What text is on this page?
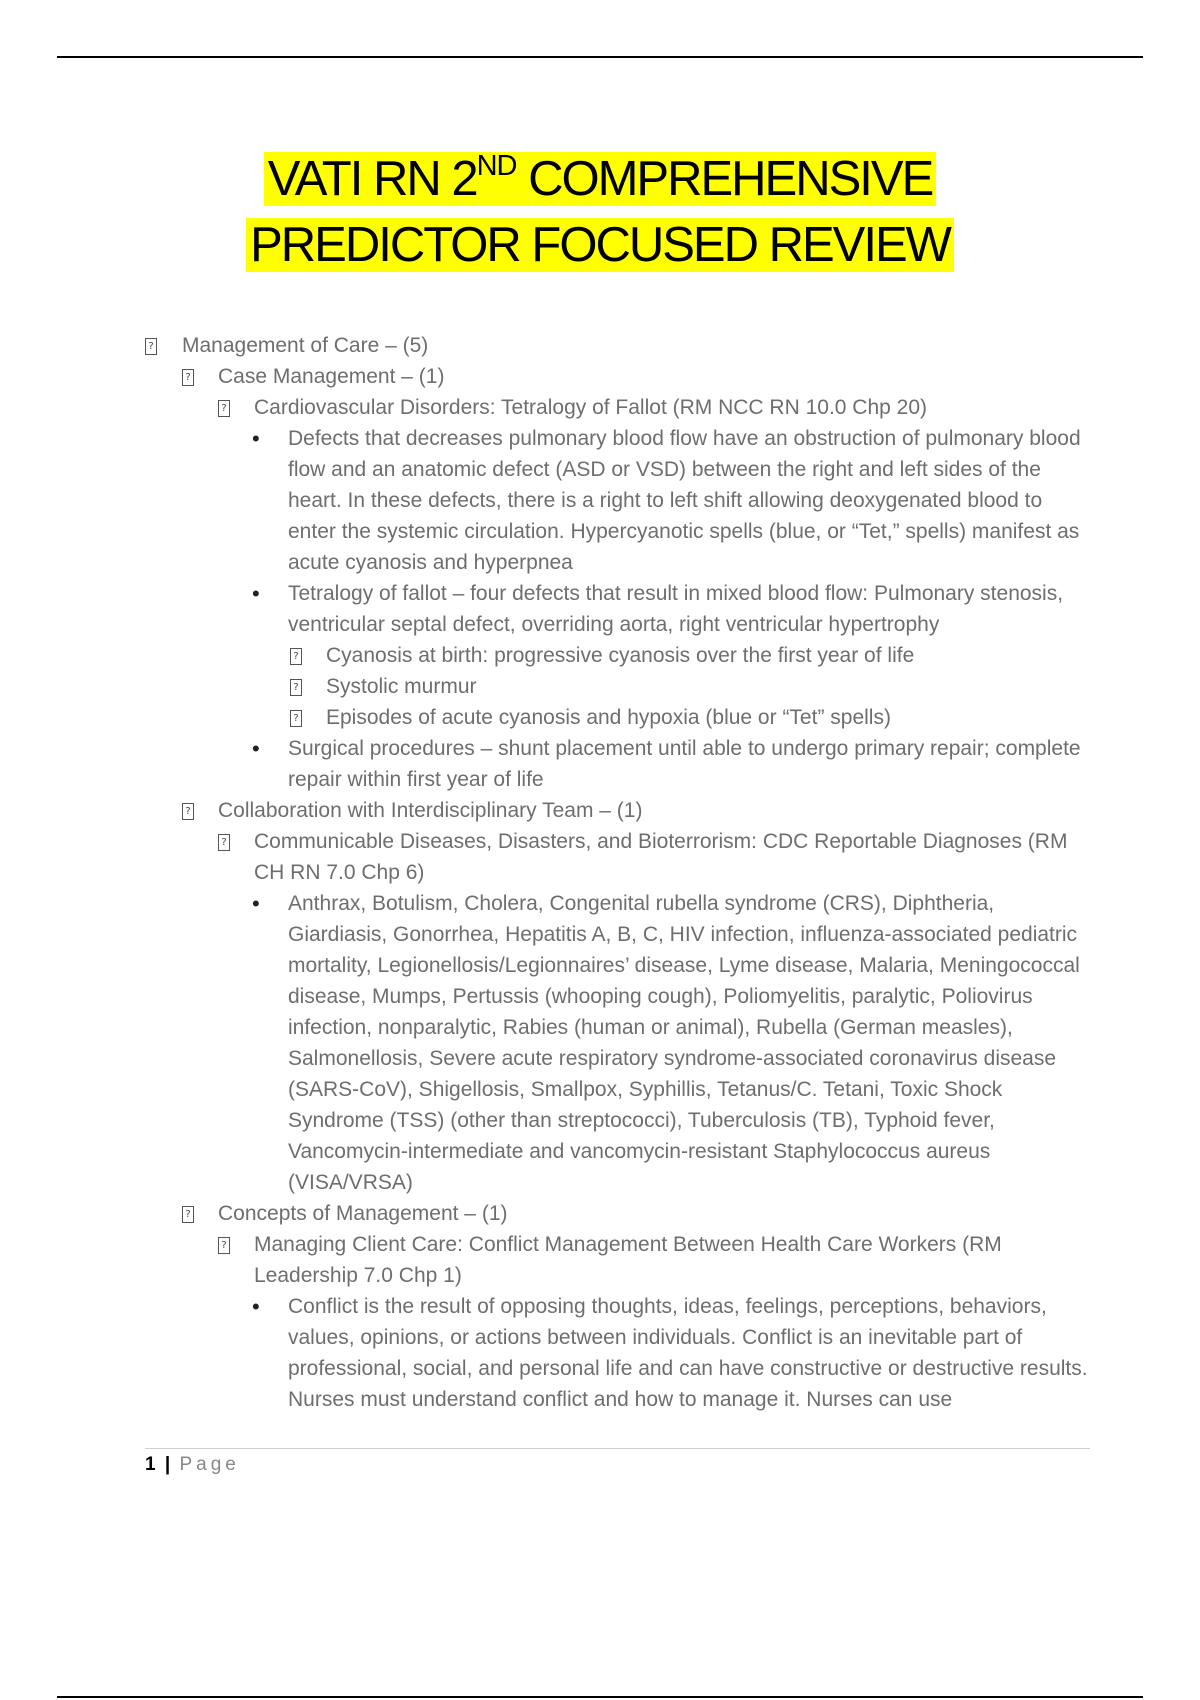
VATI RN 2ND COMPREHENSIVE
PREDICTOR FOCUSED REVIEW
? Management of Care – (5)
? Case Management – (1)
? Cardiovascular Disorders: Tetralogy of Fallot (RM NCC RN 10.0 Chp 20)
• Defects that decreases pulmonary blood flow have an obstruction of pulmonary blood flow and an anatomic defect (ASD or VSD) between the right and left sides of the heart. In these defects, there is a right to left shift allowing deoxygenated blood to enter the systemic circulation. Hypercyanotic spells (blue, or “Tet,” spells) manifest as acute cyanosis and hyperpnea
• Tetralogy of fallot – four defects that result in mixed blood flow: Pulmonary stenosis, ventricular septal defect, overriding aorta, right ventricular hypertrophy
? Cyanosis at birth: progressive cyanosis over the first year of life
? Systolic murmur
? Episodes of acute cyanosis and hypoxia (blue or “Tet” spells)
• Surgical procedures – shunt placement until able to undergo primary repair; complete repair within first year of life
? Collaboration with Interdisciplinary Team – (1)
? Communicable Diseases, Disasters, and Bioterrorism: CDC Reportable Diagnoses (RM CH RN 7.0 Chp 6)
• Anthrax, Botulism, Cholera, Congenital rubella syndrome (CRS), Diphtheria, Giardiasis, Gonorrhea, Hepatitis A, B, C, HIV infection, influenza-associated pediatric mortality, Legionellosis/Legionnaires’ disease, Lyme disease, Malaria, Meningococcal disease, Mumps, Pertussis (whooping cough), Poliomyelitis, paralytic, Poliovirus infection, nonparalytic, Rabies (human or animal), Rubella (German measles), Salmonellosis, Severe acute respiratory syndrome-associated coronavirus disease (SARS-CoV), Shigellosis, Smallpox, Syphillis, Tetanus/C. Tetani, Toxic Shock Syndrome (TSS) (other than streptococci), Tuberculosis (TB), Typhoid fever, Vancomycin-intermediate and vancomycin-resistant Staphylococcus aureus (VISA/VRSA)
? Concepts of Management – (1)
? Managing Client Care: Conflict Management Between Health Care Workers (RM Leadership 7.0 Chp 1)
• Conflict is the result of opposing thoughts, ideas, feelings, perceptions, behaviors, values, opinions, or actions between individuals. Conflict is an inevitable part of professional, social, and personal life and can have constructive or destructive results. Nurses must understand conflict and how to manage it. Nurses can use
1 | Page
